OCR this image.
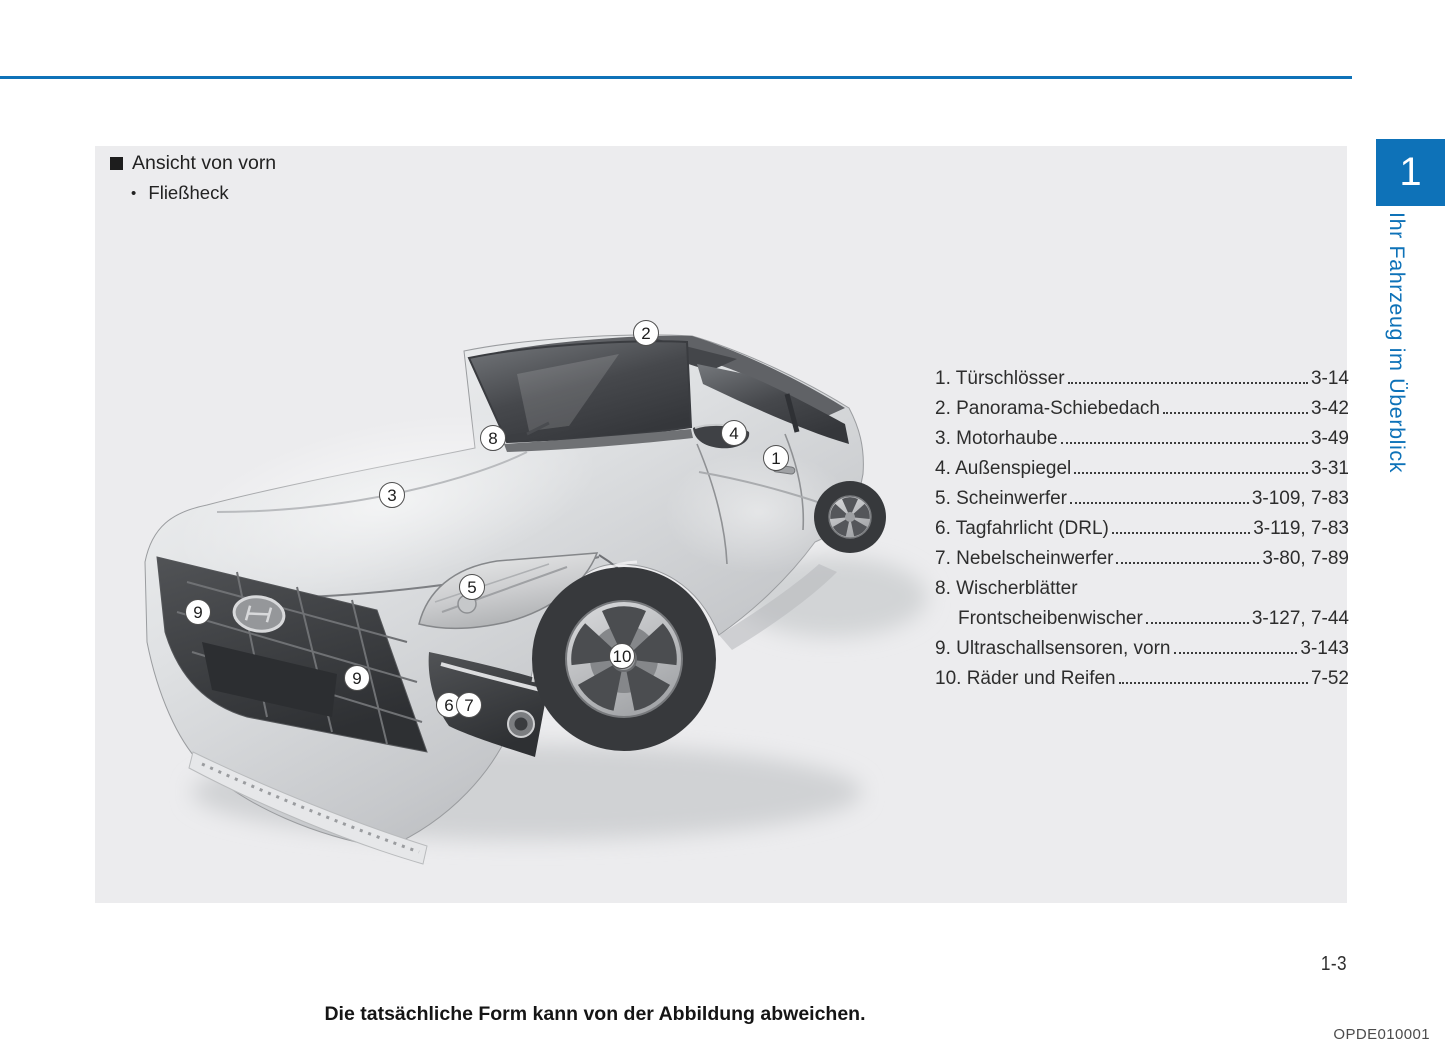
1
Ihr Fahrzeug im Überblick
Ansicht von vorn
• Fließheck
1
2
3
4
5
6 7
8
9
9
10
Die tatsächliche Form kann von der Abbildung abweichen.
OPDE010001
1. Türschlösser	3-14
2. Panorama-Schiebedach	3-42
3. Motorhaube	3-49
4. Außenspiegel	3-31
5. Scheinwerfer	3-109, 7-83
6. Tagfahrlicht (DRL)	3-119, 7-83
7. Nebelscheinwerfer	3-80, 7-89
8. Wischerblätter
Frontscheibenwischer	3-127, 7-44
9. Ultraschallsensoren, vorn	3-143
10. Räder und Reifen	7-52
1-3
